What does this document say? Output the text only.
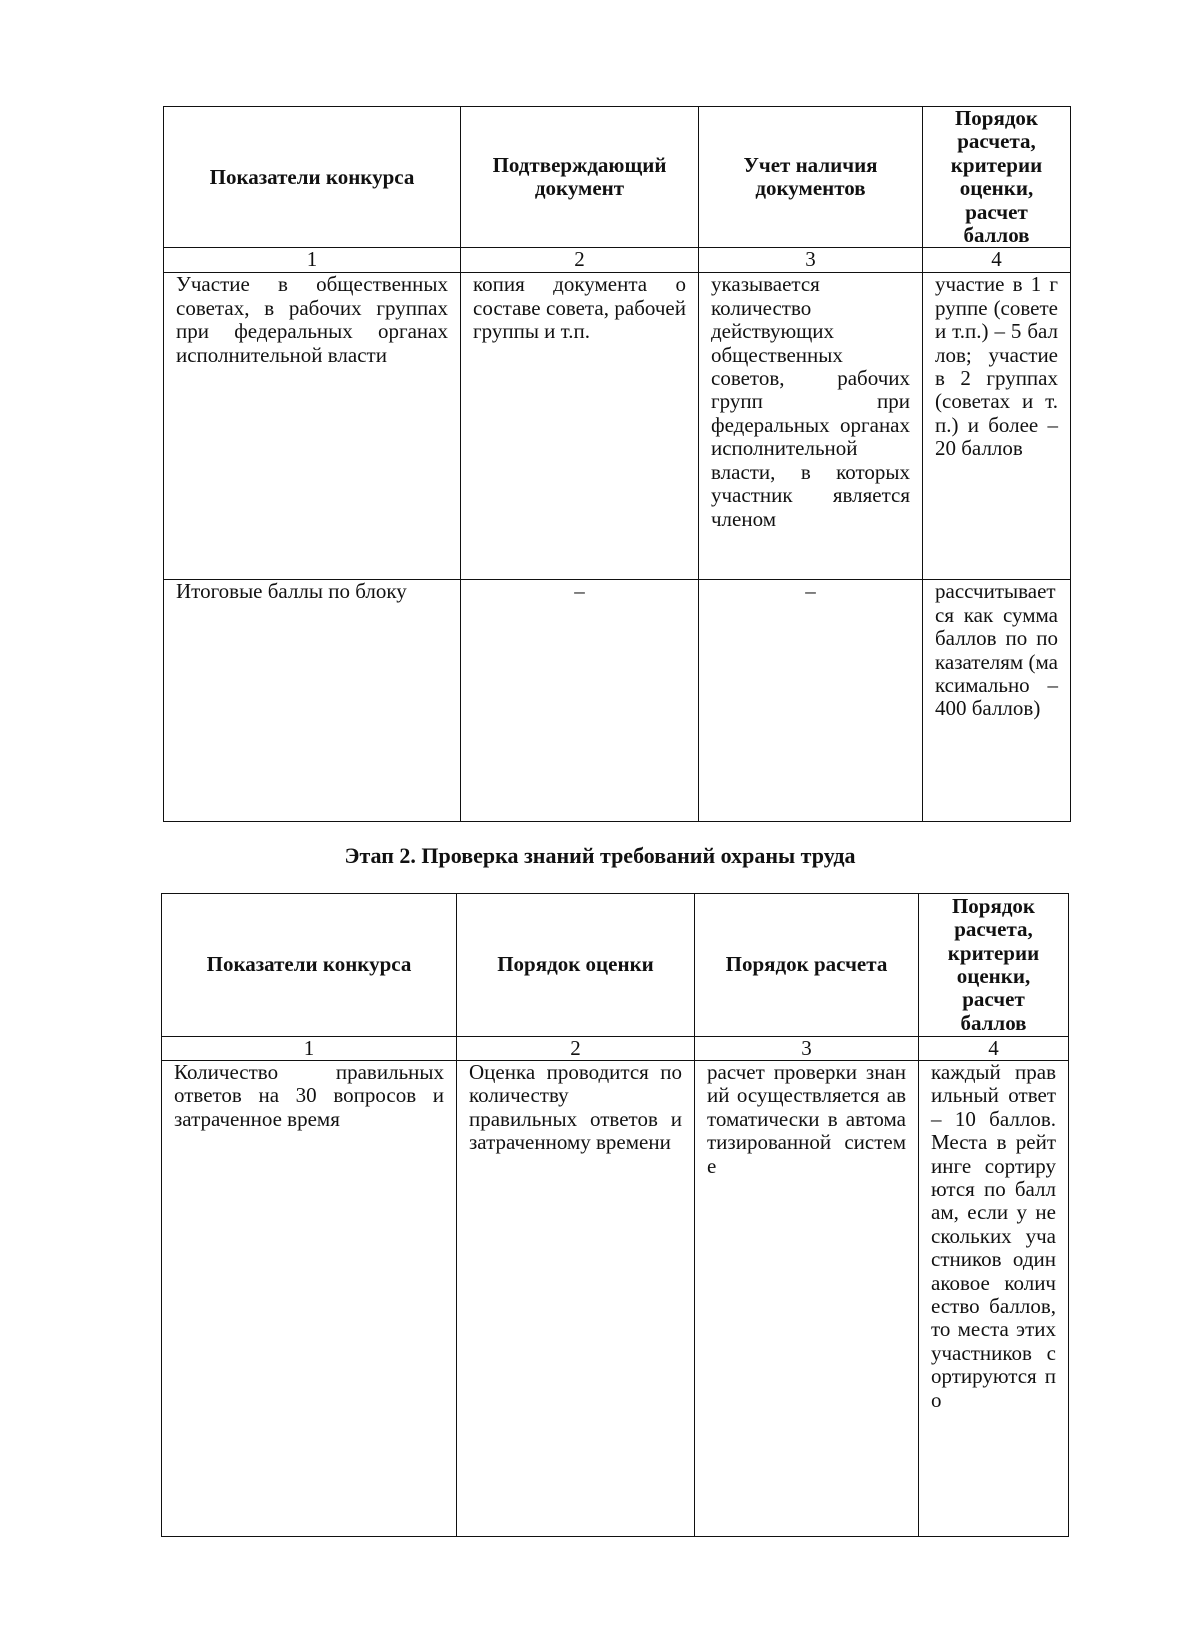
Показатели конкурса	Подтверждающий документ	Учет наличия документов	Порядок расчета, критерии оценки, расчет баллов
1	2	3	4
Участие в общественных советах, в рабочих группах при федеральных органах исполнительной власти	копия документа о составе совета, рабочей группы и т.п.	указывается количество действующих общественных советов, рабочих групп при федеральных органах исполнительной власти, в которых участник является членом	участие в 1 группе (совете и т.п.) – 5 баллов; участие в 2 группах (советах и т.п.) и более – 20 баллов
Итоговые баллы по блоку	–	–	рассчитывается как сумма баллов по показателям (максимально – 400 баллов)
Этап 2. Проверка знаний требований охраны труда
Показатели конкурса	Порядок оценки	Порядок расчета	Порядок расчета, критерии оценки, расчет баллов
1	2	3	4
Количество правильных ответов на 30 вопросов и затраченное время	Оценка проводится по количеству правильных ответов и затраченному времени	расчет проверки знаний осуществляется автоматически в автоматизированной системе	каждый правильный ответ – 10 баллов. Места в рейтинге сортируются по баллам, если у нескольких участников одинаковое количество баллов, то места этих участников сортируются по
